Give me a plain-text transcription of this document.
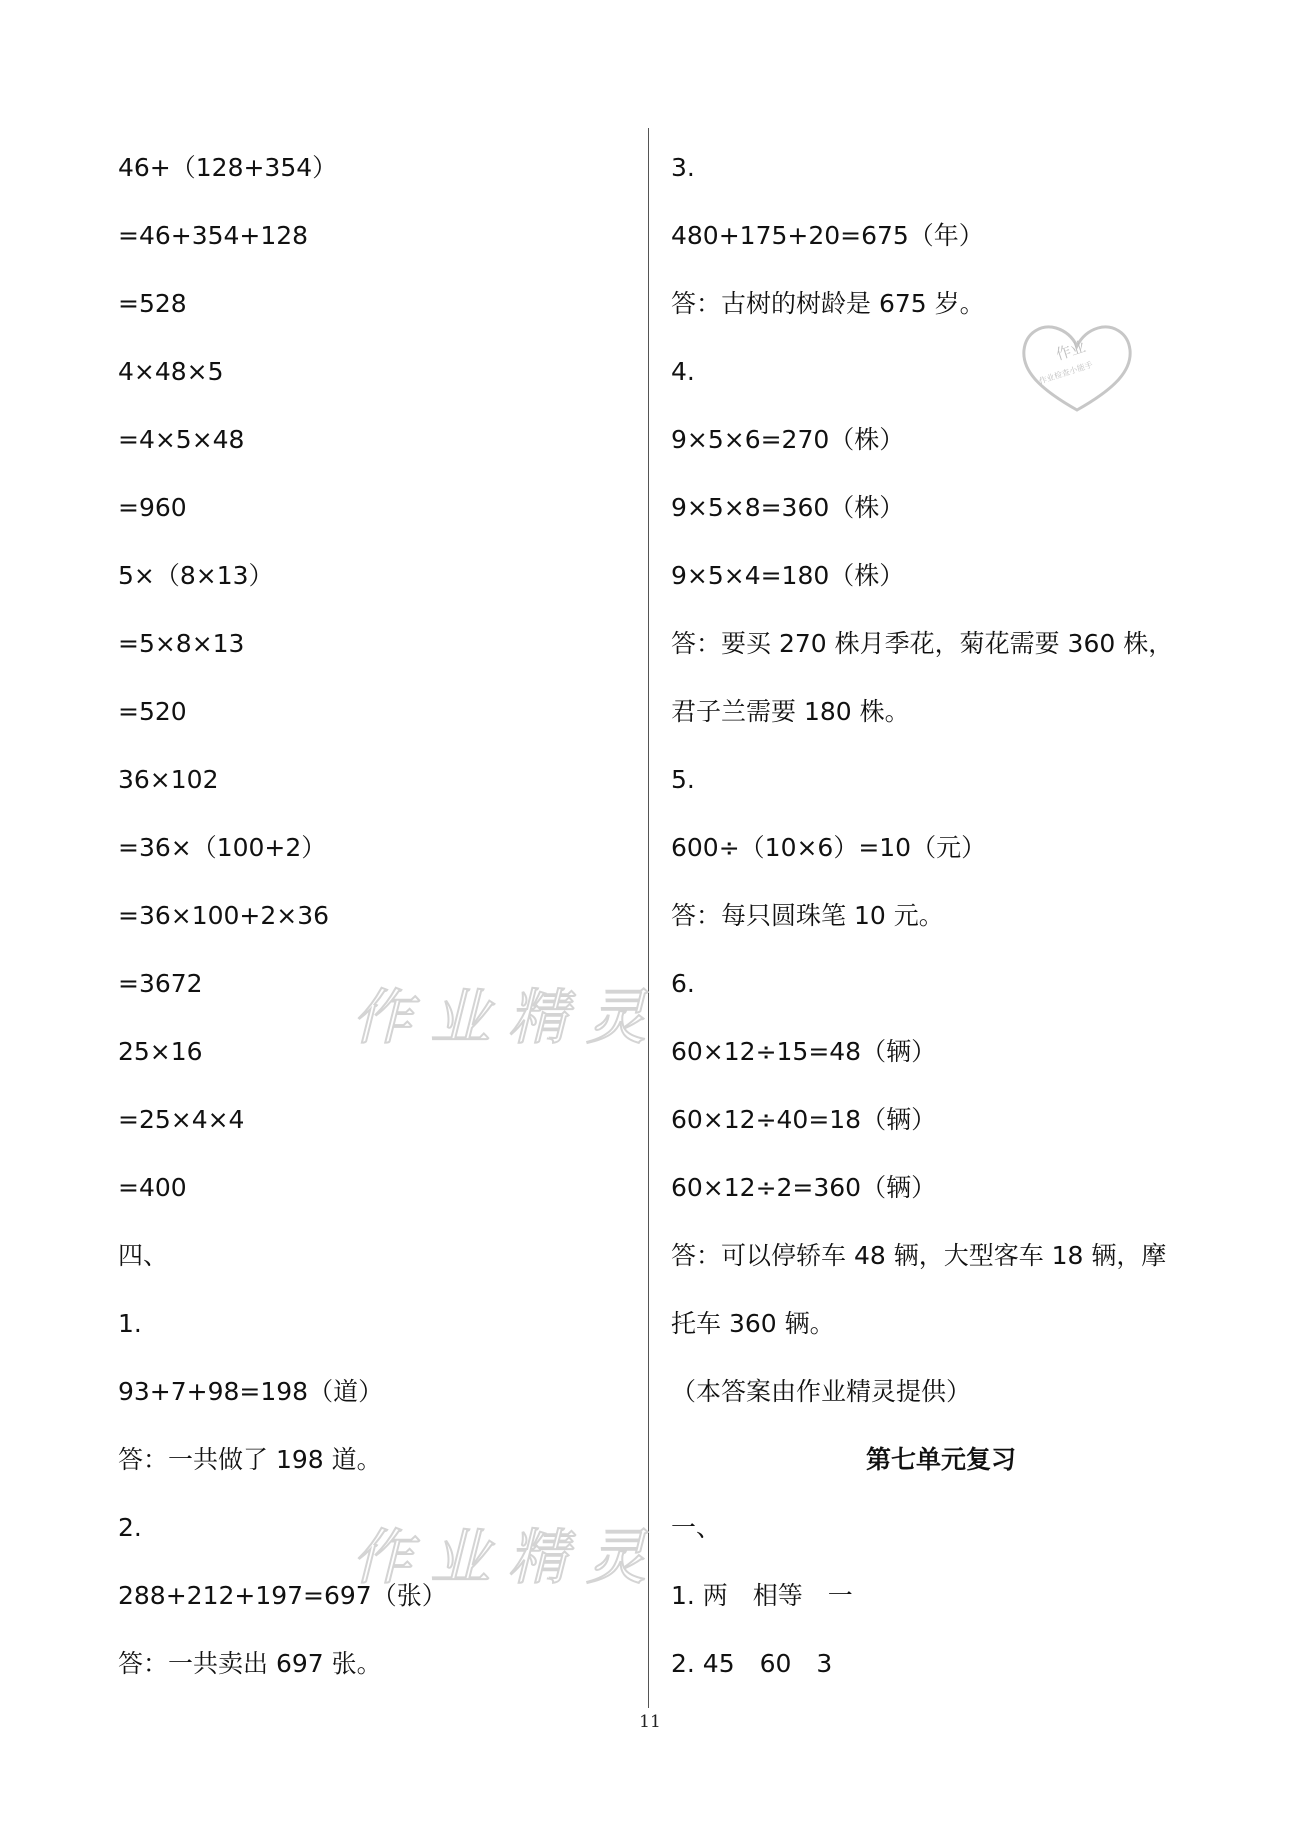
46+（128+354）
=46+354+128
=528
4×48×5
=4×5×48
=960
5×（8×13）
=5×8×13
=520
36×102
=36×（100+2）
=36×100+2×36
=3672
25×16
=25×4×4
=400
四、
1.
93+7+98=198（道）
答：一共做了 198 道。
2.
288+212+197=697（张）
答：一共卖出 697 张。
3.
480+175+20=675（年）
答：古树的树龄是 675 岁。
4.
9×5×6=270（株）
9×5×8=360（株）
9×5×4=180（株）
答：要买 270 株月季花，菊花需要 360 株，
君子兰需要 180 株。
5.
600÷（10×6）=10（元）
答：每只圆珠笔 10 元。
6.
60×12÷15=48（辆）
60×12÷40=18（辆）
60×12÷2=360（辆）
答：可以停轿车 48 辆，大型客车 18 辆，摩
托车 360 辆。
（本答案由作业精灵提供）
第七单元复习
一、
1. 两　相等　一
2. 45　60　3
作业精灵
作业精灵
作业
作业检查小能手
11
